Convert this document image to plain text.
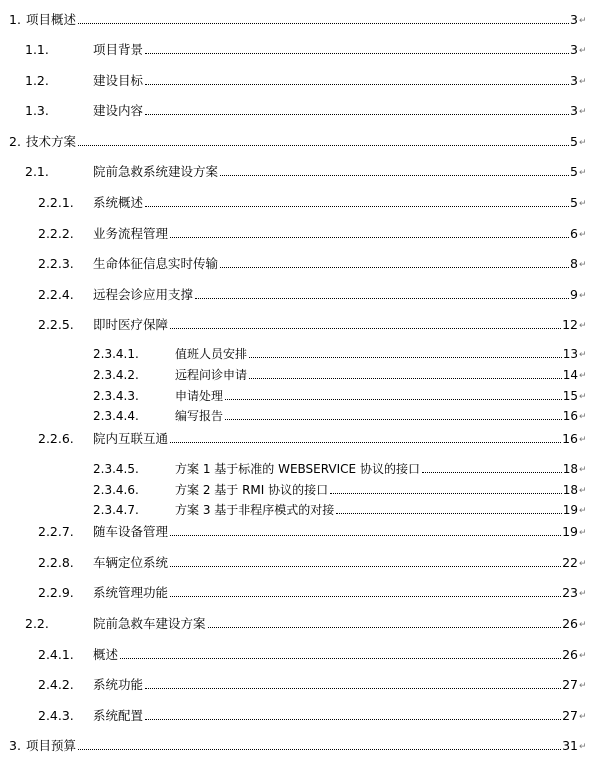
1. 项目概述	3 ↵
1.1.	项目背景	3 ↵
1.2.	建设目标	3 ↵
1.3.	建设内容	3 ↵
2. 技术方案	5 ↵
2.1.	院前急救系统建设方案	5 ↵
2.2.1.	系统概述	5 ↵
2.2.2.	业务流程管理	6 ↵
2.2.3.	生命体征信息实时传输	8 ↵
2.2.4.	远程会诊应用支撑	9 ↵
2.2.5.	即时医疗保障	12 ↵
2.3.4.1.	值班人员安排	13 ↵
2.3.4.2.	远程问诊申请	14 ↵
2.3.4.3.	申请处理	15 ↵
2.3.4.4.	编写报告	16 ↵
2.2.6.	院内互联互通	16 ↵
2.3.4.5.	方案 1 基于标准的 WEBSERVICE 协议的接口	18 ↵
2.3.4.6.	方案 2 基于 RMI 协议的接口	18 ↵
2.3.4.7.	方案 3 基于非程序模式的对接	19 ↵
2.2.7.	随车设备管理	19 ↵
2.2.8.	车辆定位系统	22 ↵
2.2.9.	系统管理功能	23 ↵
2.2.	院前急救车建设方案	26 ↵
2.4.1.	概述	26 ↵
2.4.2.	系统功能	27 ↵
2.4.3.	系统配置	27 ↵
3. 项目预算	31 ↵
